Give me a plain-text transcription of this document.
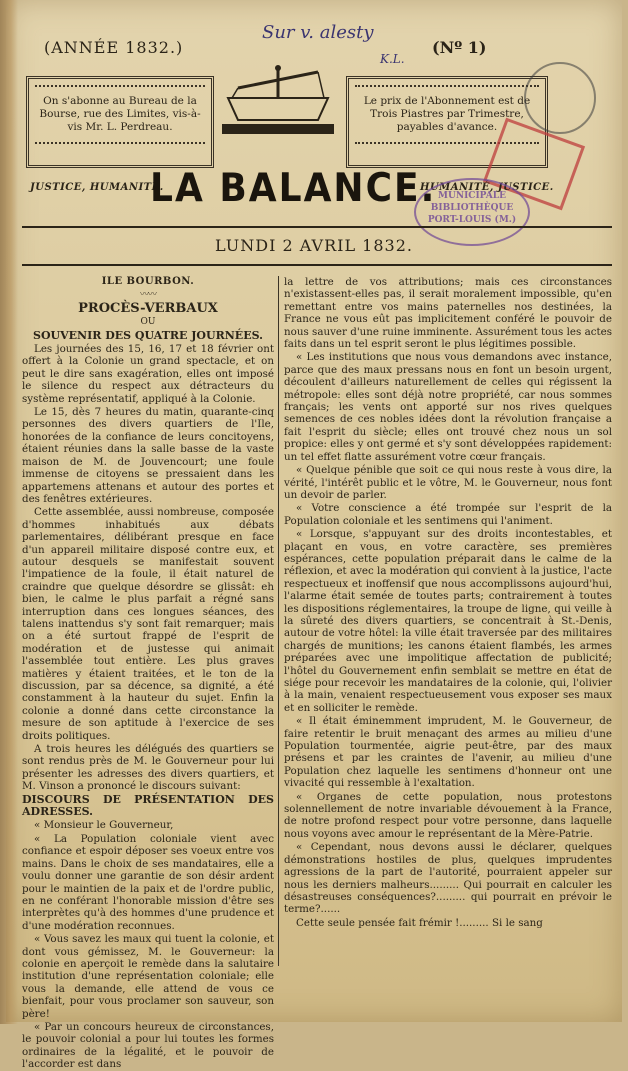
(ANNÉE 1832.)
Sur v. alesty
K.L.
(Nº 1)
On s'abonne au Bureau de la Bourse, rue des Limites, vis-à-vis Mr. L. Perdreau.
Le prix de l'Abonnement est de Trois Piastres par Trimestre, payables d'avance.
JUSTICE, HUMANITÉ.
LA BALANCE.
HUMANITÉ, JUSTICE.
MUNICIPALE
BIBLIOTHÈQUE
PORT-LOUIS (M.)
LUNDI 2 AVRIL 1832.

ILE BOURBON.

〰〰

PROCÈS-VERBAUX

OU

SOUVENIR DES QUATRE JOURNÉES.

Les journées des 15, 16, 17 et 18 février ont offert à la Colonie un grand spectacle, et on peut le dire sans exagération, elles ont imposé le silence du respect aux détracteurs du système représentatif, appliqué à la Colonie.

Le 15, dès 7 heures du matin, quarante-cinq personnes des divers quartiers de l'Ile, honorées de la confiance de leurs concitoyens, étaient réunies dans la salle basse de la vaste maison de M. de Jouvencourt; une foule immense de citoyens se pressaient dans les appartemens attenans et autour des portes et des fenêtres extérieures.

Cette assemblée, aussi nombreuse, composée d'hommes inhabitués aux débats parlementaires, délibérant presque en face d'un appareil militaire disposé contre eux, et autour desquels se manifestait souvent l'impatience de la foule, il était naturel de craindre que quelque désordre se glissât: eh bien, le calme le plus parfait a régné sans interruption dans ces longues séances, des talens inattendus s'y sont fait remarquer; mais on a été surtout frappé de l'esprit de modération et de justesse qui animait l'assemblée tout entière. Les plus graves matières y étaient traitées, et le ton de la discussion, par sa décence, sa dignité, a été constamment à la hauteur du sujet. Enfin la colonie a donné dans cette circonstance la mesure de son aptitude à l'exercice de ses droits politiques.

A trois heures les délégués des quartiers se sont rendus près de M. le Gouverneur pour lui présenter les adresses des divers quartiers, et M. Vinson a prononcé le discours suivant:

DISCOURS DE PRÉSENTATION DES ADRESSES.

« Monsieur le Gouverneur,

« La Population coloniale vient avec confiance et espoir déposer ses voeux entre vos mains. Dans le choix de ses mandataires, elle a voulu donner une garantie de son désir ardent pour le maintien de la paix et de l'ordre public, en ne conférant l'honorable mission d'être ses interprètes qu'à des hommes d'une prudence et d'une modération reconnues.

« Vous savez les maux qui tuent la colonie, et dont vous gémissez, M. le Gouverneur: la colonie en aperçoit le remède dans la salutaire institution d'une représentation coloniale; elle vous la demande, elle attend de vous ce bienfait, pour vous proclamer son sauveur, son père!

« Par un concours heureux de circonstances, le pouvoir colonial a pour lui toutes les formes ordinaires de la légalité, et le pouvoir de l'accorder est dans

la lettre de vos attributions; mais ces circonstances n'existassent-elles pas, il serait moralement impossible, qu'en remettant entre vos mains paternelles nos destinées, la France ne vous eût pas implicitement conféré le pouvoir de nous sauver d'une ruine imminente. Assurément tous les actes faits dans un tel esprit seront le plus légitimes possible.

« Les institutions que nous vous demandons avec instance, parce que des maux pressans nous en font un besoin urgent, découlent d'ailleurs naturellement de celles qui régissent la métropole: elles sont déjà notre propriété, car nous sommes français; les vents ont apporté sur nos rives quelques semences de ces nobles idées dont la révolution française a fait l'esprit du siècle; elles ont trouvé chez nous un sol propice: elles y ont germé et s'y sont développées rapidement: un tel effet flatte assurément votre cœur français.

« Quelque pénible que soit ce qui nous reste à vous dire, la vérité, l'intérêt public et le vôtre, M. le Gouverneur, nous font un devoir de parler.

« Votre conscience a été trompée sur l'esprit de la Population coloniale et les sentimens qui l'animent.

« Lorsque, s'appuyant sur des droits incontestables, et plaçant en vous, en votre caractère, ses premières espérances, cette population préparait dans le calme de la réflexion, et avec la modération qui convient à la justice, l'acte respectueux et inoffensif que nous accomplissons aujourd'hui, l'alarme était semée de toutes parts; contrairement à toutes les dispositions réglementaires, la troupe de ligne, qui veille à la sûreté des divers quartiers, se concentrait à St.-Denis, autour de votre hôtel: la ville était traversée par des militaires chargés de munitions; les canons étaient flambés, les armes préparées avec une impolitique affectation de publicité; l'hôtel du Gouvernement enfin semblait se mettre en état de siége pour recevoir les mandataires de la colonie, qui, l'olivier à la main, venaient respectueusement vous exposer ses maux et en solliciter le remède.

« Il était éminemment imprudent, M. le Gouverneur, de faire retentir le bruit menaçant des armes au milieu d'une Population tourmentée, aigrie peut-être, par des maux présens et par les craintes de l'avenir, au milieu d'une Population chez laquelle les sentimens d'honneur ont une vivacité qui ressemble à l'exaltation.

« Organes de cette population, nous protestons solennellement de notre invariable dévouement à la France, de notre profond respect pour votre personne, dans laquelle nous voyons avec amour le représentant de la Mère-Patrie.

« Cependant, nous devons aussi le déclarer, quelques démonstrations hostiles de plus, quelques imprudentes agressions de la part de l'autorité, pourraient appeler sur nous les derniers malheurs......... Qui pourrait en calculer les désastreuses conséquences?......... qui pourrait en prévoir le terme?......

Cette seule pensée fait frémir !......... Si le sang
